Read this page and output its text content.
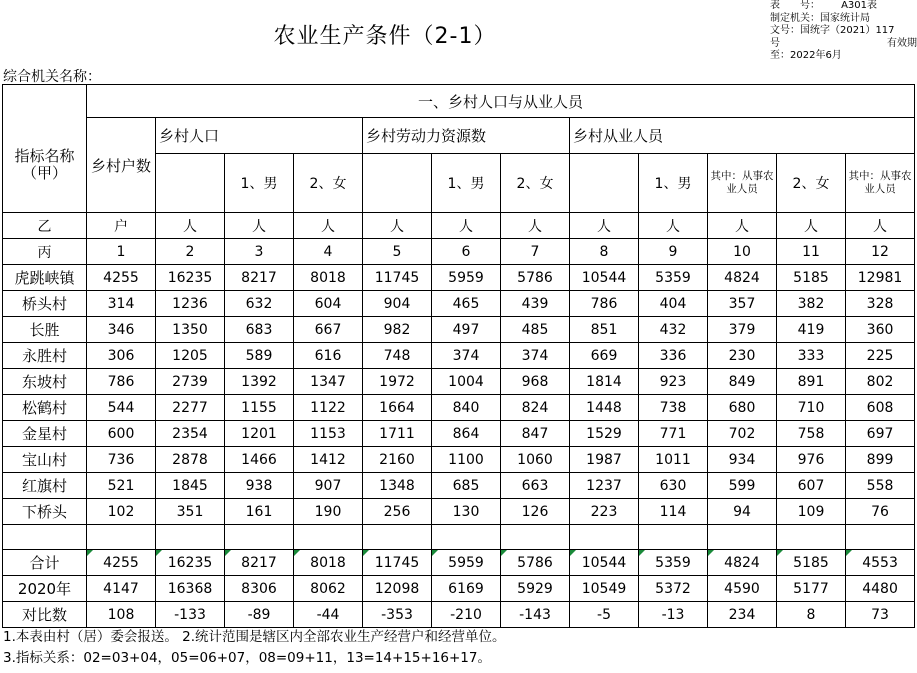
农业生产条件（2-1）
表　　号： A301表
制定机关：国家统计局
文号：国统字（2021）117
号	有效期
至：2022年6月
综合机关名称：
	一、乡村人口与从业人员											
指标名称（甲）	乡村户数	乡村人口			乡村劳动力资源数			乡村从业人员				
			1、男	2、女		1、男	2、女		1、男	其中：从事农业人员	2、女	其中：从事农业人员
乙	户	人	人	人	人	人	人	人	人	人	人	人
丙	1	2	3	4	5	6	7	8	9	10	11	12
虎跳峡镇	4255	16235	8217	8018	11745	5959	5786	10544	5359	4824	5185	12981
桥头村	314	1236	632	604	904	465	439	786	404	357	382	328
长胜	346	1350	683	667	982	497	485	851	432	379	419	360
永胜村	306	1205	589	616	748	374	374	669	336	230	333	225
东坡村	786	2739	1392	1347	1972	1004	968	1814	923	849	891	802
松鹤村	544	2277	1155	1122	1664	840	824	1448	738	680	710	608
金星村	600	2354	1201	1153	1711	864	847	1529	771	702	758	697
宝山村	736	2878	1466	1412	2160	1100	1060	1987	1011	934	976	899
红旗村	521	1845	938	907	1348	685	663	1237	630	599	607	558
下桥头	102	351	161	190	256	130	126	223	114	94	109	76

合计	4255	16235	8217	8018	11745	5959	5786	10544	5359	4824	5185	4553
2020年	4147	16368	8306	8062	12098	6169	5929	10549	5372	4590	5177	4480
对比数	108	-133	-89	-44	-353	-210	-143	-5	-13	234	8	73
1.本表由村（居）委会报送。 2.统计范围是辖区内全部农业生产经营户和经营单位。
3.指标关系：02=03+04，05=06+07，08=09+11，13=14+15+16+17。
